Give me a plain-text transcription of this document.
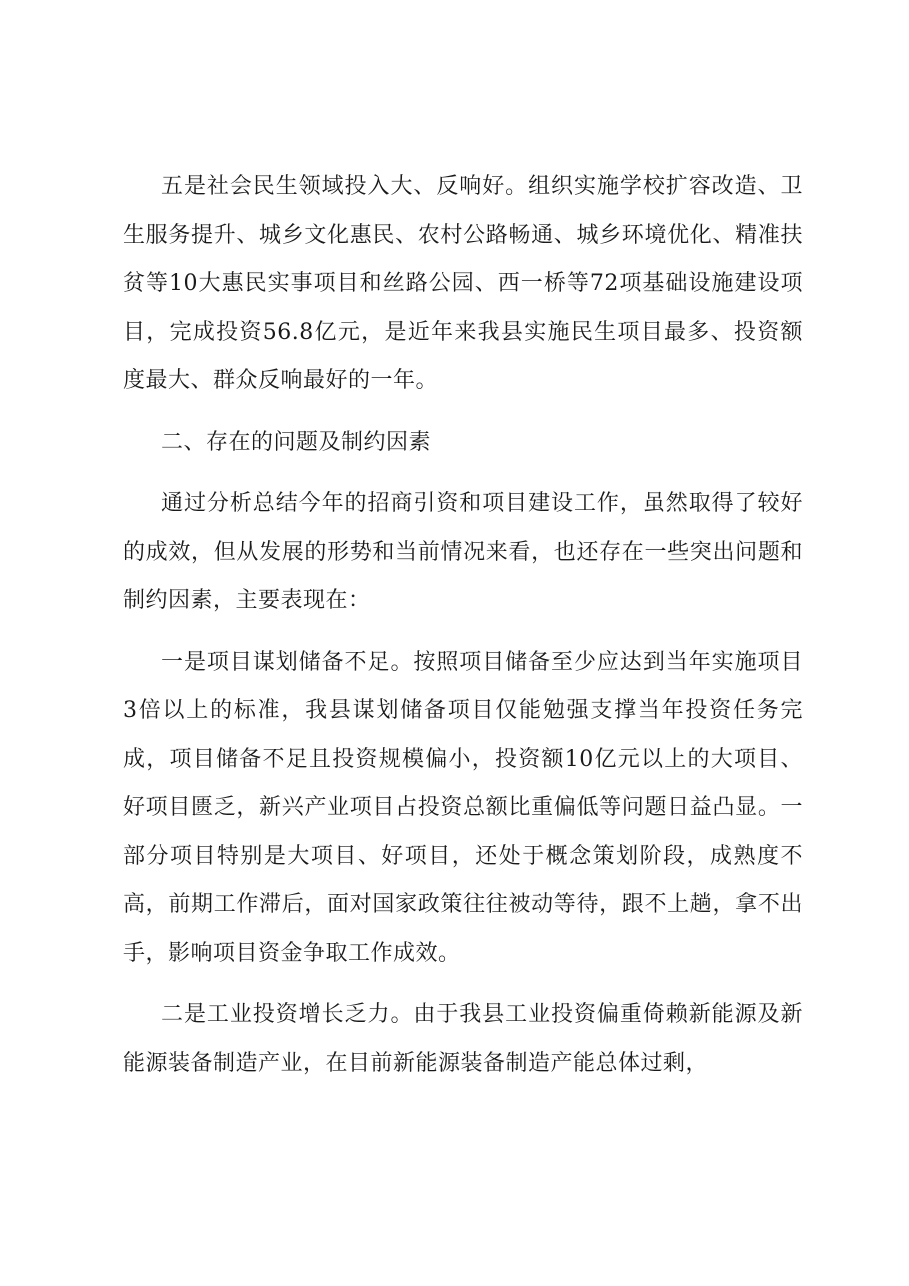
五是社会民生领域投入大、反响好。组织实施学校扩容改造、卫生服务提升、城乡文化惠民、农村公路畅通、城乡环境优化、精准扶贫等10大惠民实事项目和丝路公园、西一桥等72项基础设施建设项目，完成投资56.8亿元，是近年来我县实施民生项目最多、投资额度最大、群众反响最好的一年。

二、存在的问题及制约因素

通过分析总结今年的招商引资和项目建设工作，虽然取得了较好的成效，但从发展的形势和当前情况来看，也还存在一些突出问题和制约因素，主要表现在：

一是项目谋划储备不足。按照项目储备至少应达到当年实施项目3倍以上的标准，我县谋划储备项目仅能勉强支撑当年投资任务完成，项目储备不足且投资规模偏小，投资额10亿元以上的大项目、好项目匮乏，新兴产业项目占投资总额比重偏低等问题日益凸显。一部分项目特别是大项目、好项目，还处于概念策划阶段，成熟度不高，前期工作滞后，面对国家政策往往被动等待，跟不上趟，拿不出手，影响项目资金争取工作成效。

二是工业投资增长乏力。由于我县工业投资偏重倚赖新能源及新能源装备制造产业，在目前新能源装备制造产能总体过剩，
